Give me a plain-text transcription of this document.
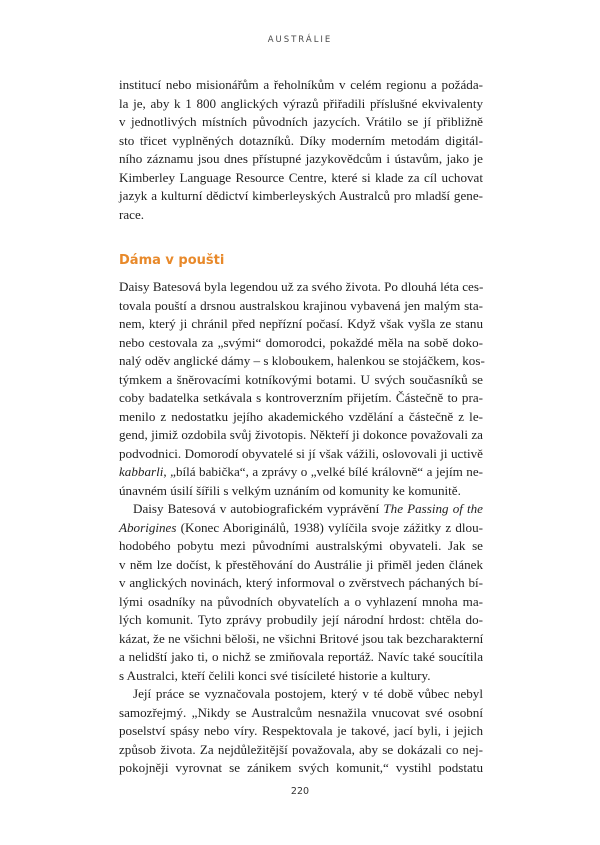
AUSTRÁLIE
institucí nebo misionářům a řeholníkům v celém regionu a požáda-
la je, aby k 1 800 anglických výrazů přiřadili příslušné ekvivalenty
v jednotlivých místních původních jazycích. Vrátilo se jí přibližně
sto třicet vyplněných dotazníků. Díky moderním metodám digitál-
ního záznamu jsou dnes přístupné jazykovědcům i ústavům, jako je
Kimberley Language Resource Centre, které si klade za cíl uchovat
jazyk a kulturní dědictví kimberleyských Australců pro mladší gene-
race.
Dáma v poušti
Daisy Batesová byla legendou už za svého života. Po dlouhá léta ces-
tovala pouští a drsnou australskou krajinou vybavená jen malým sta-
nem, který ji chránil před nepřízní počasí. Když však vyšla ze stanu
nebo cestovala za „svými“ domorodci, pokaždé měla na sobě doko-
nalý oděv anglické dámy – s kloboukem, halenkou se stojáčkem, kos-
týmkem a šněrovacími kotníkovými botami. U svých současníků se
coby badatelka setkávala s kontroverzním přijetím. Částečně to pra-
menilo z nedostatku jejího akademického vzdělání a částečně z le-
gend, jimiž ozdobila svůj životopis. Někteří ji dokonce považovali za
podvodnici. Domorodí obyvatelé si jí však vážili, oslovovali ji uctivě
kabbarli, „bílá babička“, a zprávy o „velké bílé královně“ a jejím ne-
únavném úsilí šířili s velkým uznáním od komunity ke komunitě.
Daisy Batesová v autobiografickém vyprávění The Passing of the
Aborigines (Konec Aboriginálů, 1938) vylíčila svoje zážitky z dlou-
hodobého pobytu mezi původními australskými obyvateli. Jak se
v něm lze dočíst, k přestěhování do Austrálie ji přiměl jeden článek
v anglických novinách, který informoval o zvěrstvech páchaných bí-
lými osadníky na původních obyvatelích a o vyhlazení mnoha ma-
lých komunit. Tyto zprávy probudily její národní hrdost: chtěla do-
kázat, že ne všichni běloši, ne všichni Britové jsou tak bezcharakterní
a nelidští jako ti, o nichž se zmiňovala reportáž. Navíc také soucítila
s Australci, kteří čelili konci své tisícileté historie a kultury.
Její práce se vyznačovala postojem, který v té době vůbec nebyl
samozřejmý. „Nikdy se Australcům nesnažila vnucovat své osobní
poselství spásy nebo víry. Respektovala je takové, jací byli, i jejich
způsob života. Za nejdůležitější považovala, aby se dokázali co nej-
pokojněji vyrovnat se zánikem svých komunit,“ vystihl podstatu
220
